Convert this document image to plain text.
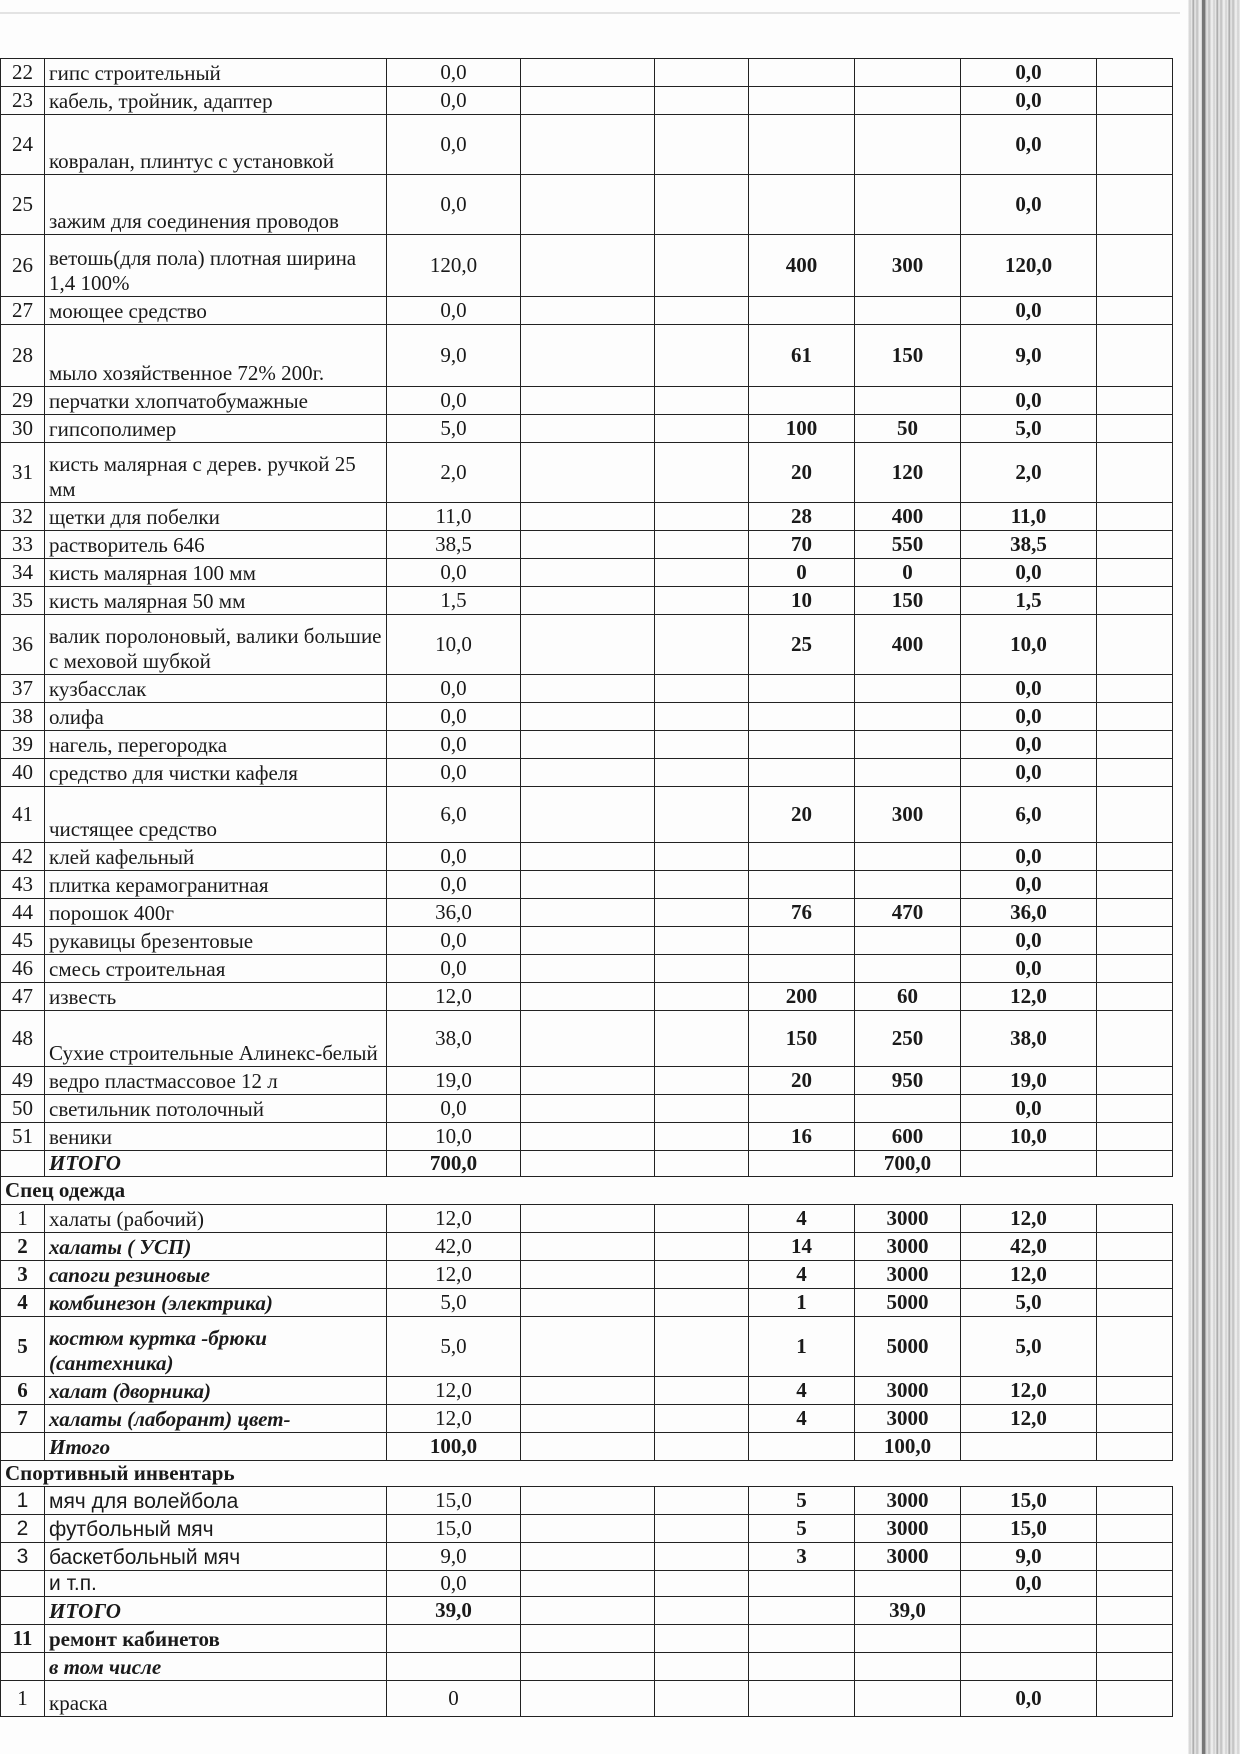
22	гипс строительный	0,0					0,0	
23	кабель, тройник, адаптер	0,0					0,0	
24	ковралан, плинтус с установкой	0,0					0,0	
25	зажим для соединения проводов	0,0					0,0	
26	ветошь(для пола) плотная ширина 1,4 100%	120,0			400	300	120,0	
27	моющее средство	0,0					0,0	
28	мыло хозяйственное 72% 200г.	9,0			61	150	9,0	
29	перчатки хлопчатобумажные	0,0					0,0	
30	гипсополимер	5,0			100	50	5,0	
31	кисть малярная с дерев. ручкой 25 мм	2,0			20	120	2,0	
32	щетки для побелки	11,0			28	400	11,0	
33	растворитель 646	38,5			70	550	38,5	
34	кисть малярная 100 мм	0,0			0	0	0,0	
35	кисть малярная 50 мм	1,5			10	150	1,5	
36	валик поролоновый, валики большие с меховой шубкой	10,0			25	400	10,0	
37	кузбасслак	0,0					0,0	
38	олифа	0,0					0,0	
39	нагель, перегородка	0,0					0,0	
40	средство для чистки кафеля	0,0					0,0	
41	чистящее средство	6,0			20	300	6,0	
42	клей кафельный	0,0					0,0	
43	плитка керамогранитная	0,0					0,0	
44	порошок 400г	36,0			76	470	36,0	
45	рукавицы брезентовые	0,0					0,0	
46	смесь строительная	0,0					0,0	
47	известь	12,0			200	60	12,0	
48	Сухие строительные Алинекс-белый	38,0			150	250	38,0	
49	ведро пластмассовое 12 л	19,0			20	950	19,0	
50	светильник потолочный	0,0					0,0	
51	веники	10,0			16	600	10,0	
	ИТОГО	700,0				700,0		
Спец одежда								
1	халаты (рабочий)	12,0			4	3000	12,0	
2	халаты ( УСП)	42,0			14	3000	42,0	
3	сапоги резиновые	12,0			4	3000	12,0	
4	комбинезон (электрика)	5,0			1	5000	5,0	
5	костюм куртка -брюки (сантехника)	5,0			1	5000	5,0	
6	халат (дворника)	12,0			4	3000	12,0	
7	халаты (лаборант) цвет-	12,0			4	3000	12,0	
	Итого	100,0				100,0		
Спортивный инвентарь								
1	мяч для волейбола	15,0			5	3000	15,0	
2	футбольный мяч	15,0			5	3000	15,0	
3	баскетбольный мяч	9,0			3	3000	9,0	
	и т.п.	0,0					0,0	
	ИТОГО	39,0				39,0		
11	ремонт кабинетов							
	в том числе							
1	краска	0					0,0	
